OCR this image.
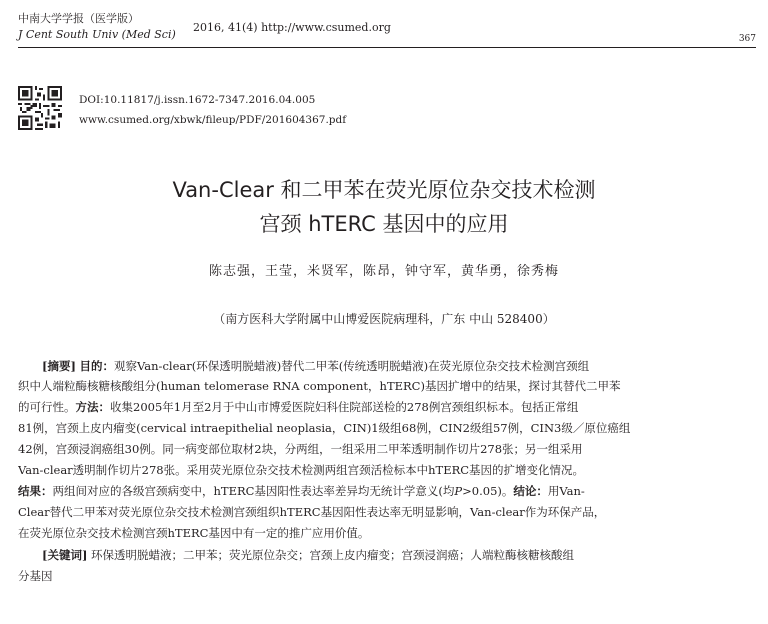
中南大学学报（医学版）
J Cent South Univ (Med Sci)
2016, 41(4) http://www.csumed.org
367
DOI:10.11817/j.issn.1672-7347.2016.04.005
www.csumed.org/xbwk/fileup/PDF/201604367.pdf
Van-Clear 和二甲苯在荧光原位杂交技术检测
宫颈 hTERC 基因中的应用
陈志强，王莹，米贤军，陈昂，钟守军，黄华勇，徐秀梅
（南方医科大学附属中山博爱医院病理科，广东 中山 528400）
[摘要] 目的：观察Van-clear(环保透明脱蜡液)替代二甲苯(传统透明脱蜡液)在荧光原位杂交技术检测宫颈组
织中人端粒酶核糖核酸组分(human telomerase RNA component，hTERC)基因扩增中的结果，探讨其替代二甲苯
的可行性。方法：收集2005年1月至2月于中山市博爱医院妇科住院部送检的278例宫颈组织标本。包括正常组
81例，宫颈上皮内瘤变(cervical intraepithelial neoplasia，CIN)1级组68例，CIN2级组57例，CIN3级／原位癌组
42例，宫颈浸润癌组30例。同一病变部位取材2块，分两组，一组采用二甲苯透明制作切片278张；另一组采用
Van-clear透明制作切片278张。采用荧光原位杂交技术检测两组宫颈活检标本中hTERC基因的扩增变化情况。
结果：两组间对应的各级宫颈病变中，hTERC基因阳性表达率差异均无统计学意义(均P>0.05)。结论：用Van-
Clear替代二甲苯对荧光原位杂交技术检测宫颈组织hTERC基因阳性表达率无明显影响，Van-clear作为环保产品，
在荧光原位杂交技术检测宫颈hTERC基因中有一定的推广应用价值。
[关键词] 环保透明脱蜡液；二甲苯；荧光原位杂交；宫颈上皮内瘤变；宫颈浸润癌；人端粒酶核糖核酸组
分基因
